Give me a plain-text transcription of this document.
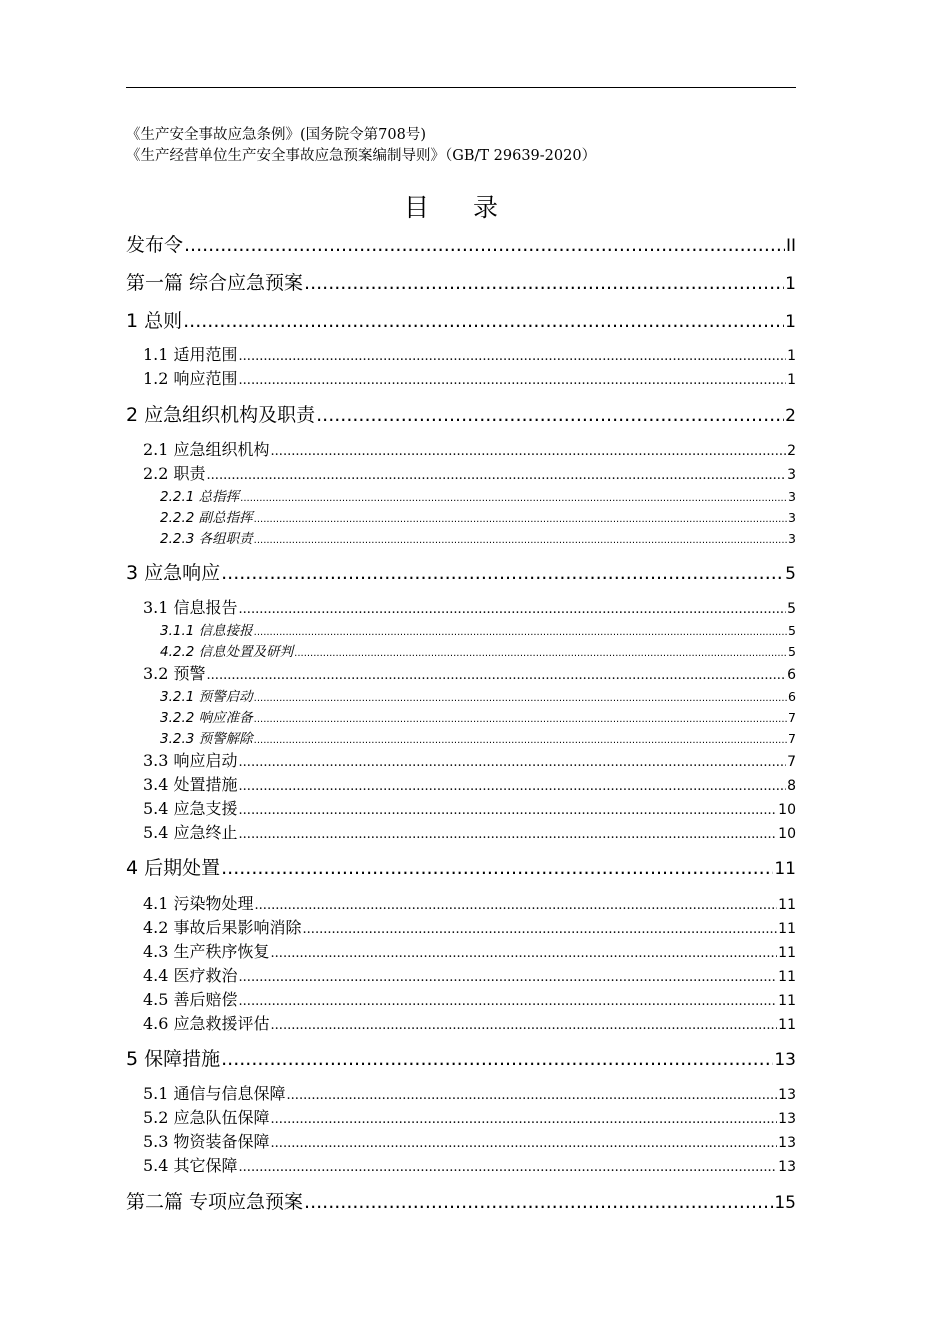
《生产安全事故应急条例》(国务院令第708号)
《生产经营单位生产安全事故应急预案编制导则》（GB/T 29639-2020）
目 录
发布令 .....	II
第一篇 综合应急预案 .....	1
1 总则 .....	1
1.1 适用范围 .....	1
1.2 响应范围 .....	1
2 应急组织机构及职责 .....	2
2.1 应急组织机构 .....	2
2.2 职责 .....	3
2.2.1 总指挥 .....	3
2.2.2 副总指挥 .....	3
2.2.3 各组职责 .....	3
3 应急响应 .....	5
3.1 信息报告 .....	5
3.1.1 信息接报 .....	5
4.2.2 信息处置及研判 .....	5
3.2 预警 .....	6
3.2.1 预警启动 .....	6
3.2.2 响应准备 .....	7
3.2.3 预警解除 .....	7
3.3 响应启动 .....	7
3.4 处置措施 .....	8
5.4 应急支援 .....	10
5.4 应急终止 .....	10
4 后期处置 .....	11
4.1 污染物处理 .....	11
4.2 事故后果影响消除 .....	11
4.3 生产秩序恢复 .....	11
4.4 医疗救治 .....	11
4.5 善后赔偿 .....	11
4.6 应急救援评估 .....	11
5 保障措施 .....	13
5.1 通信与信息保障 .....	13
5.2 应急队伍保障 .....	13
5.3 物资装备保障 .....	13
5.4 其它保障 .....	13
第二篇 专项应急预案 .....	15
